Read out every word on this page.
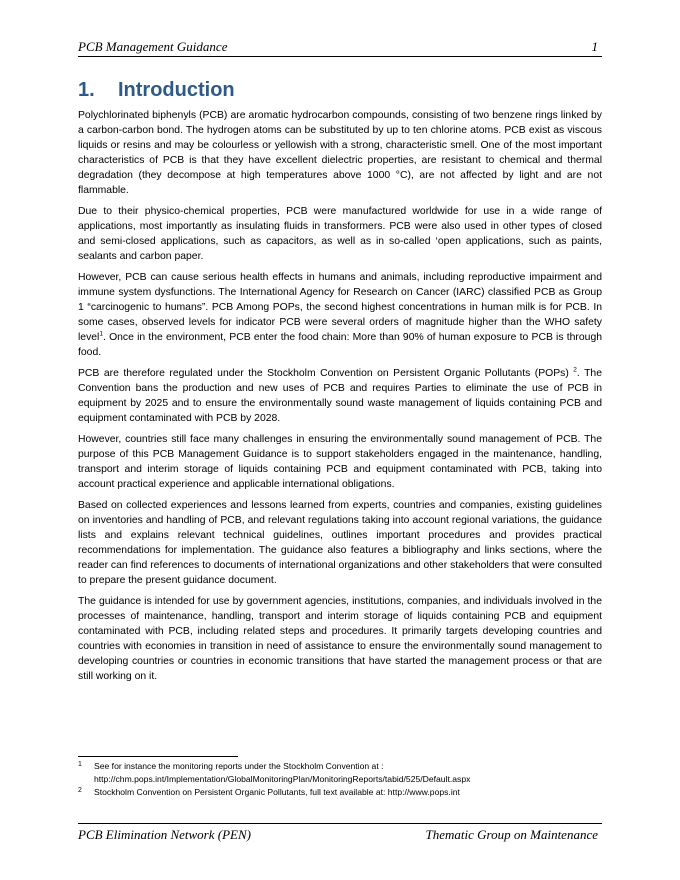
PCB Management Guidance	1
1. Introduction

Polychlorinated biphenyls (PCB) are aromatic hydrocarbon compounds, consisting of two benzene rings linked by a carbon-carbon bond. The hydrogen atoms can be substituted by up to ten chlorine atoms. PCB exist as viscous liquids or resins and may be colourless or yellowish with a strong, characteristic smell. One of the most important characteristics of PCB is that they have excellent dielectric properties, are resistant to chemical and thermal degradation (they decompose at high temperatures above 1000 °C), are not affected by light and are not flammable.

Due to their physico-chemical properties, PCB were manufactured worldwide for use in a wide range of applications, most importantly as insulating fluids in transformers. PCB were also used in other types of closed and semi-closed applications, such as capacitors, as well as in so-called ‘open applications, such as paints, sealants and carbon paper.

However, PCB can cause serious health effects in humans and animals, including reproductive impairment and immune system dysfunctions. The International Agency for Research on Cancer (IARC) classified PCB as Group 1 “carcinogenic to humans”. PCB Among POPs, the second highest concentrations in human milk is for PCB. In some cases, observed levels for indicator PCB were several orders of magnitude higher than the WHO safety level$^1$. Once in the environment, PCB enter the food chain: More than 90% of human exposure to PCB is through food.

PCB are therefore regulated under the Stockholm Convention on Persistent Organic Pollutants (POPs) $^2$. The Convention bans the production and new uses of PCB and requires Parties to eliminate the use of PCB in equipment by 2025 and to ensure the environmentally sound waste management of liquids containing PCB and equipment contaminated with PCB by 2028.

However, countries still face many challenges in ensuring the environmentally sound management of PCB. The purpose of this PCB Management Guidance is to support stakeholders engaged in the maintenance, handling, transport and interim storage of liquids containing PCB and equipment contaminated with PCB, taking into account practical experience and applicable international obligations.

Based on collected experiences and lessons learned from experts, countries and companies, existing guidelines on inventories and handling of PCB, and relevant regulations taking into account regional variations, the guidance lists and explains relevant technical guidelines, outlines important procedures and provides practical recommendations for implementation. The guidance also features a bibliography and links sections, where the reader can find references to documents of international organizations and other stakeholders that were consulted to prepare the present guidance document.

The guidance is intended for use by government agencies, institutions, companies, and individuals involved in the processes of maintenance, handling, transport and interim storage of liquids containing PCB and equipment contaminated with PCB, including related steps and procedures. It primarily targets developing countries and countries with economies in transition in need of assistance to ensure the environmentally sound management to developing countries or countries in economic transitions that have started the management process or that are still working on it.

1	See for instance the monitoring reports under the Stockholm Convention at :
http://chm.pops.int/Implementation/GlobalMonitoringPlan/MonitoringReports/tabid/525/Default.aspx
2	Stockholm Convention on Persistent Organic Pollutants, full text available at: http://www.pops.int
PCB Elimination Network (PEN)	Thematic Group on Maintenance
